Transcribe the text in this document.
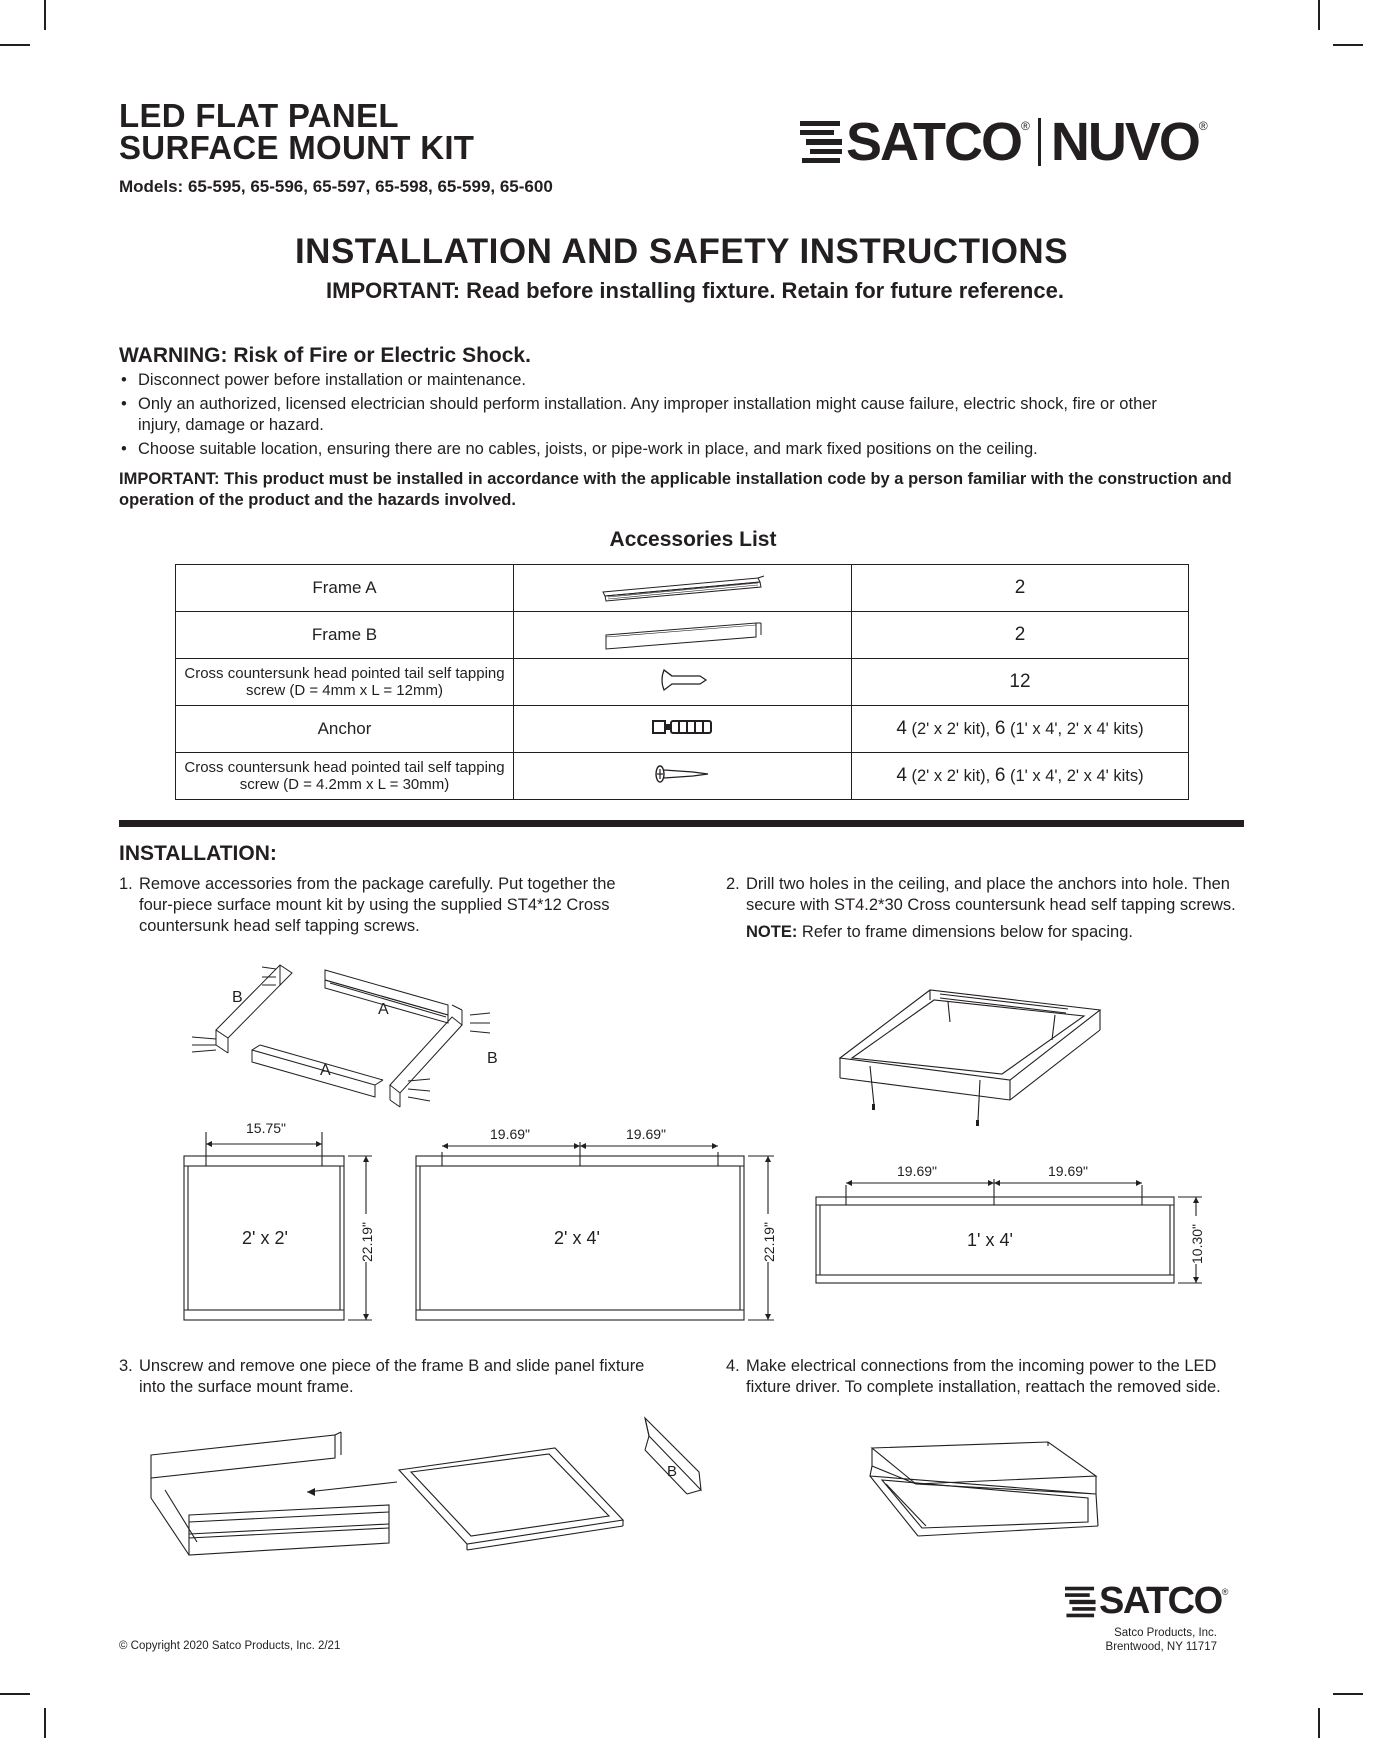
LED FLAT PANEL
SURFACE MOUNT KIT
Models: 65-595, 65-596, 65-597, 65-598, 65-599, 65-600
SATCO ® NUVO ®
INSTALLATION AND SAFETY INSTRUCTIONS
IMPORTANT: Read before installing fixture. Retain for future reference.
WARNING: Risk of Fire or Electric Shock.
• Disconnect power before installation or maintenance.
• Only an authorized, licensed electrician should perform installation. Any improper installation might cause failure, electric shock, fire or other injury, damage or hazard.
• Choose suitable location, ensuring there are no cables, joists, or pipe-work in place, and mark fixed positions on the ceiling.
IMPORTANT: This product must be installed in accordance with the applicable installation code by a person familiar with the construction and operation of the product and the hazards involved.
Accessories List
Frame A		2
Frame B		2
Cross countersunk head pointed tail self tapping screw (D = 4mm x L = 12mm)		12
Anchor		4 (2' x 2' kit), 6 (1' x 4', 2' x 4' kits)
Cross countersunk head pointed tail self tapping screw (D = 4.2mm x L = 30mm)		4 (2' x 2' kit), 6 (1' x 4', 2' x 4' kits)
INSTALLATION:
1. Remove accessories from the package carefully. Put together the four-piece surface mount kit by using the supplied ST4*12 Cross countersunk head self tapping screws.
2. Drill two holes in the ceiling, and place the anchors into hole. Then secure with ST4.2*30 Cross countersunk head self tapping screws.
NOTE: Refer to frame dimensions below for spacing.
B
A
A
B
15.75"
2' x 2'	22.19"
19.69"	19.69"
2' x 4'	22.19"
19.69"	19.69"
1' x 4'	10.30"
3. Unscrew and remove one piece of the frame B and slide panel fixture into the surface mount frame.
4. Make electrical connections from the incoming power to the LED fixture driver. To complete installation, reattach the removed side.
B
SATCO ®
Satco Products, Inc.
Brentwood, NY 11717
© Copyright 2020 Satco Products, Inc. 2/21
